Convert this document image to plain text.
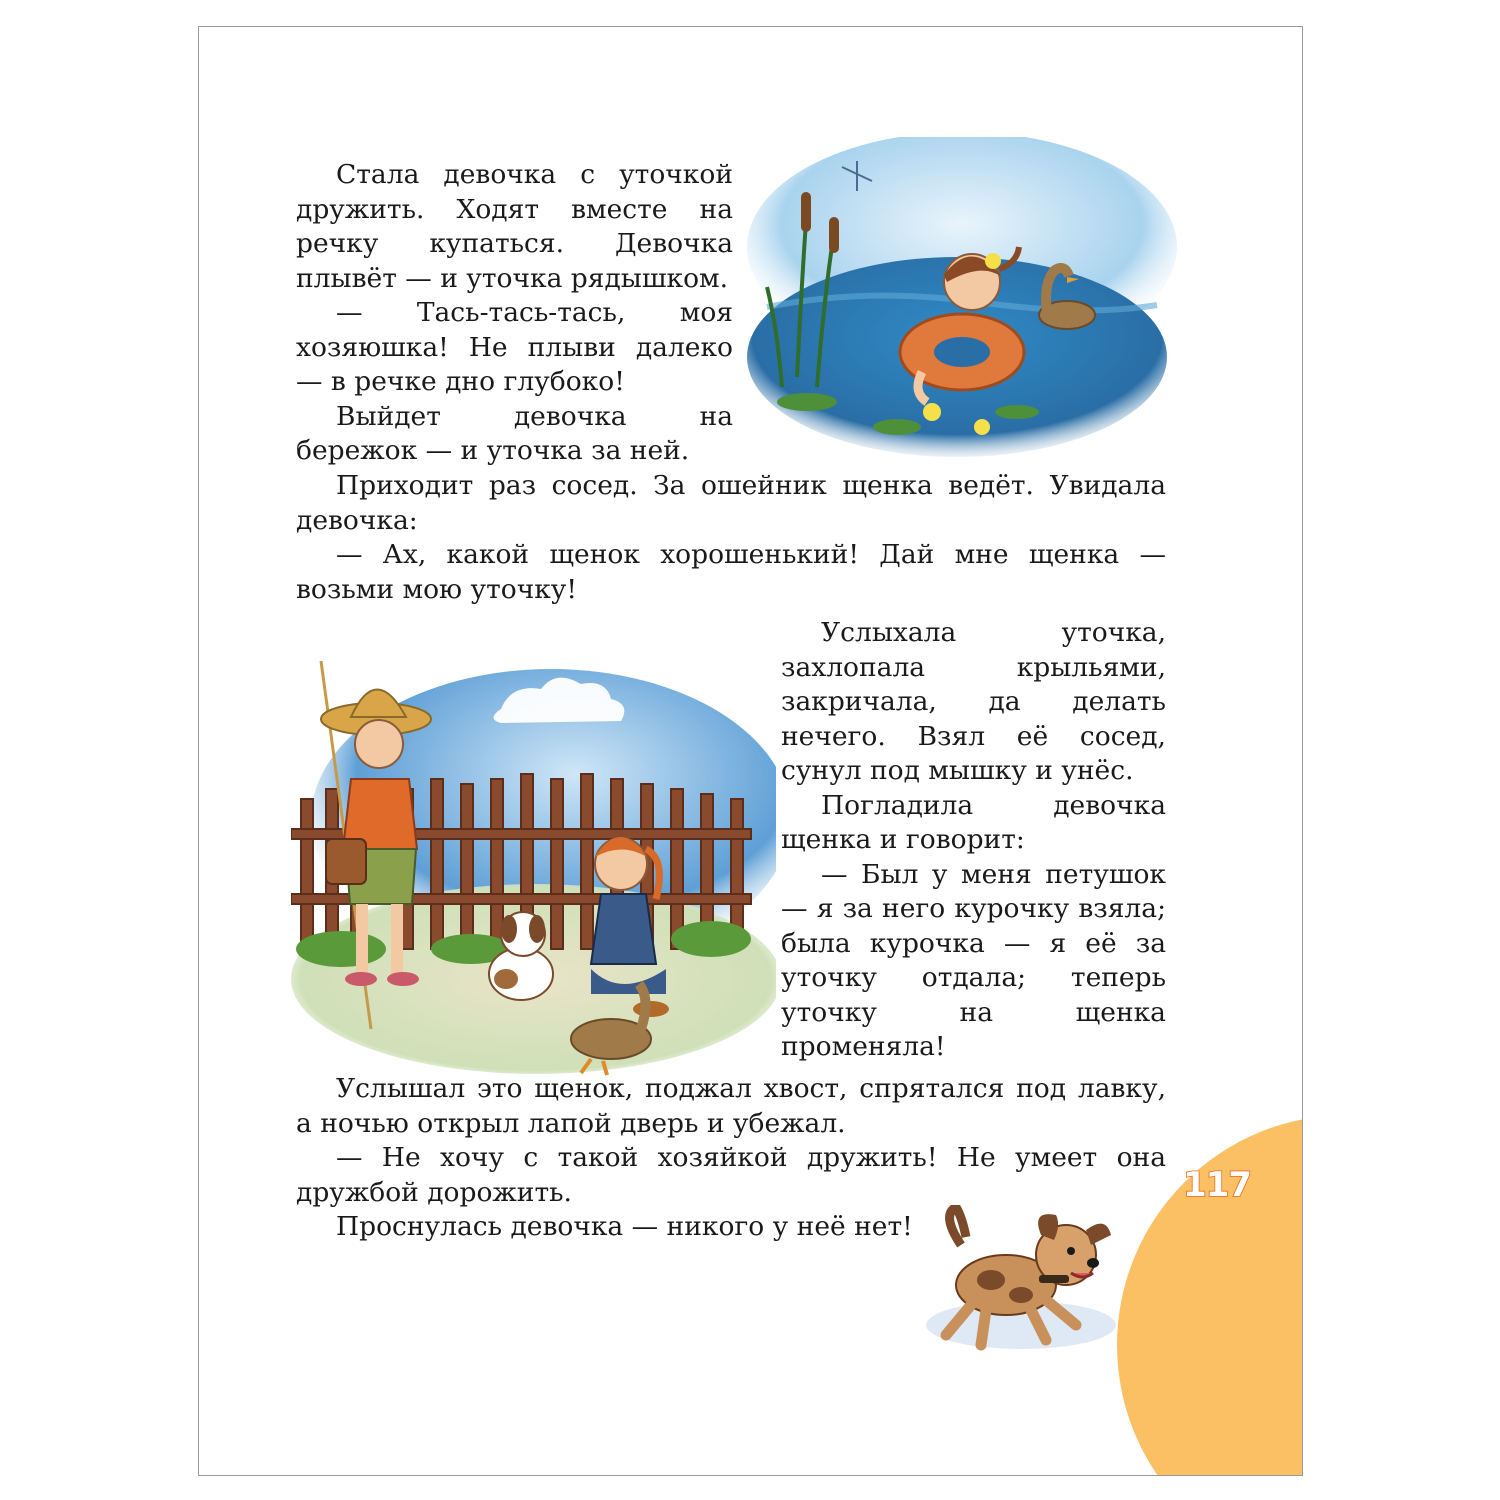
Стала девочка с уточкой дружить. Ходят вместе на речку купаться. Девочка плывёт — и уточка рядышком.

— Тась-тась-тась, моя хозяюшка! Не плыви далеко — в речке дно глубоко!

Выйдет девочка на бережок — и уточка за ней.

Приходит раз сосед. За ошейник щенка ведёт. Увидала девочка:

— Ах, какой щенок хорошенький! Дай мне щенка — возьми мою уточку!

Услыхала уточка, захлопала крыльями, закричала, да делать нечего. Взял её сосед, сунул под мышку и унёс.

Погладила девочка щенка и говорит:

— Был у меня петушок — я за него курочку взяла; была курочка — я её за уточку отдала; теперь уточку на щенка променяла!

Услышал это щенок, поджал хвост, спрятался под лавку, а ночью открыл лапой дверь и убежал.

— Не хочу с такой хозяйкой дружить! Не умеет она дружбой дорожить.

Проснулась девочка — никого у неё нет!

117
